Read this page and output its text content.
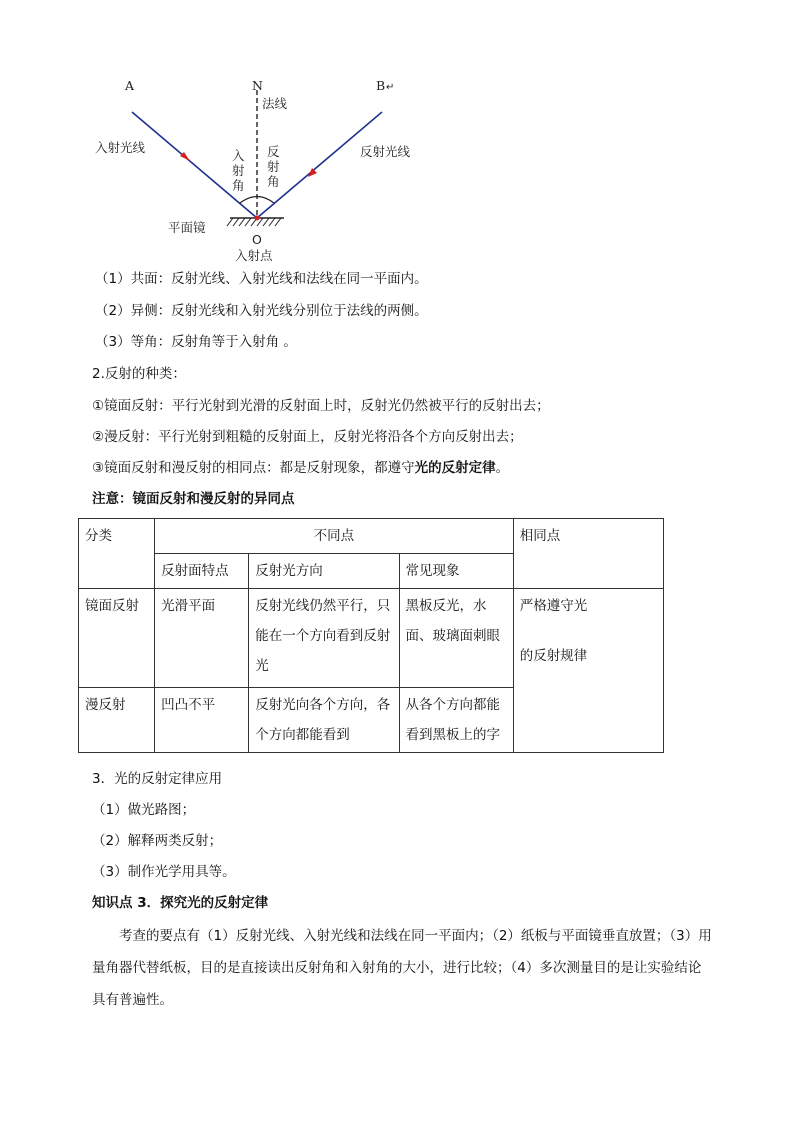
A	N	B ↵
法线
入射光线	反射光线
入
射
角
反
射
角
平面镜
O
入射点
（1）共面：反射光线、入射光线和法线在同一平面内。
（2）异侧：反射光线和入射光线分别位于法线的两侧。
（3）等角：反射角等于入射角 。
2.反射的种类：
①镜面反射：平行光射到光滑的反射面上时，反射光仍然被平行的反射出去；
②漫反射：平行光射到粗糙的反射面上，反射光将沿各个方向反射出去；
③镜面反射和漫反射的相同点：都是反射现象，都遵守光的反射定律。
注意：镜面反射和漫反射的异同点
分类	不同点			相同点
	反射面特点	反射光方向	常见现象	
镜面反射	光滑平面	反射光线仍然平行，只能在一个方向看到反射光	黑板反光，水面、玻璃面刺眼	严格遵守光
的反射规律

漫反射	凹凸不平	反射光向各个方向，各个方向都能看到	从各个方向都能看到黑板上的字	
3．光的反射定律应用
（1）做光路图；
（2）解释两类反射；
（3）制作光学用具等。
知识点 3．探究光的反射定律
考查的要点有（1）反射光线、入射光线和法线在同一平面内；（2）纸板与平面镜垂直放置；（3）用量角器代替纸板，目的是直接读出反射角和入射角的大小，进行比较；（4）多次测量目的是让实验结论具有普遍性。
